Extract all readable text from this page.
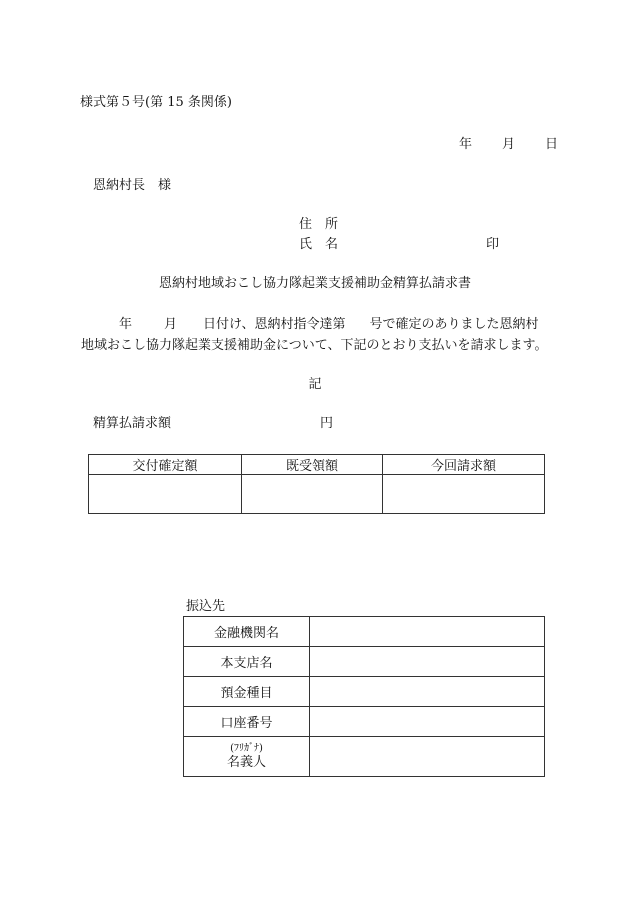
様式第５号(第 15 条関係)
年 月 日
恩納村長　様
住　所
氏　名	印
恩納村地域おこし協力隊起業支援補助金精算払請求書
年 月 日付け、恩納村指令達第 号で確定のありました恩納村
地域おこし協力隊起業支援補助金について、下記のとおり支払いを請求します。
記
精算払請求額	円
交付確定額	既受領額	今回請求額

振込先
金融機関名	
本支店名	
預金種目	
口座番号	

(ﾌﾘｶﾞﾅ)
名義人	
